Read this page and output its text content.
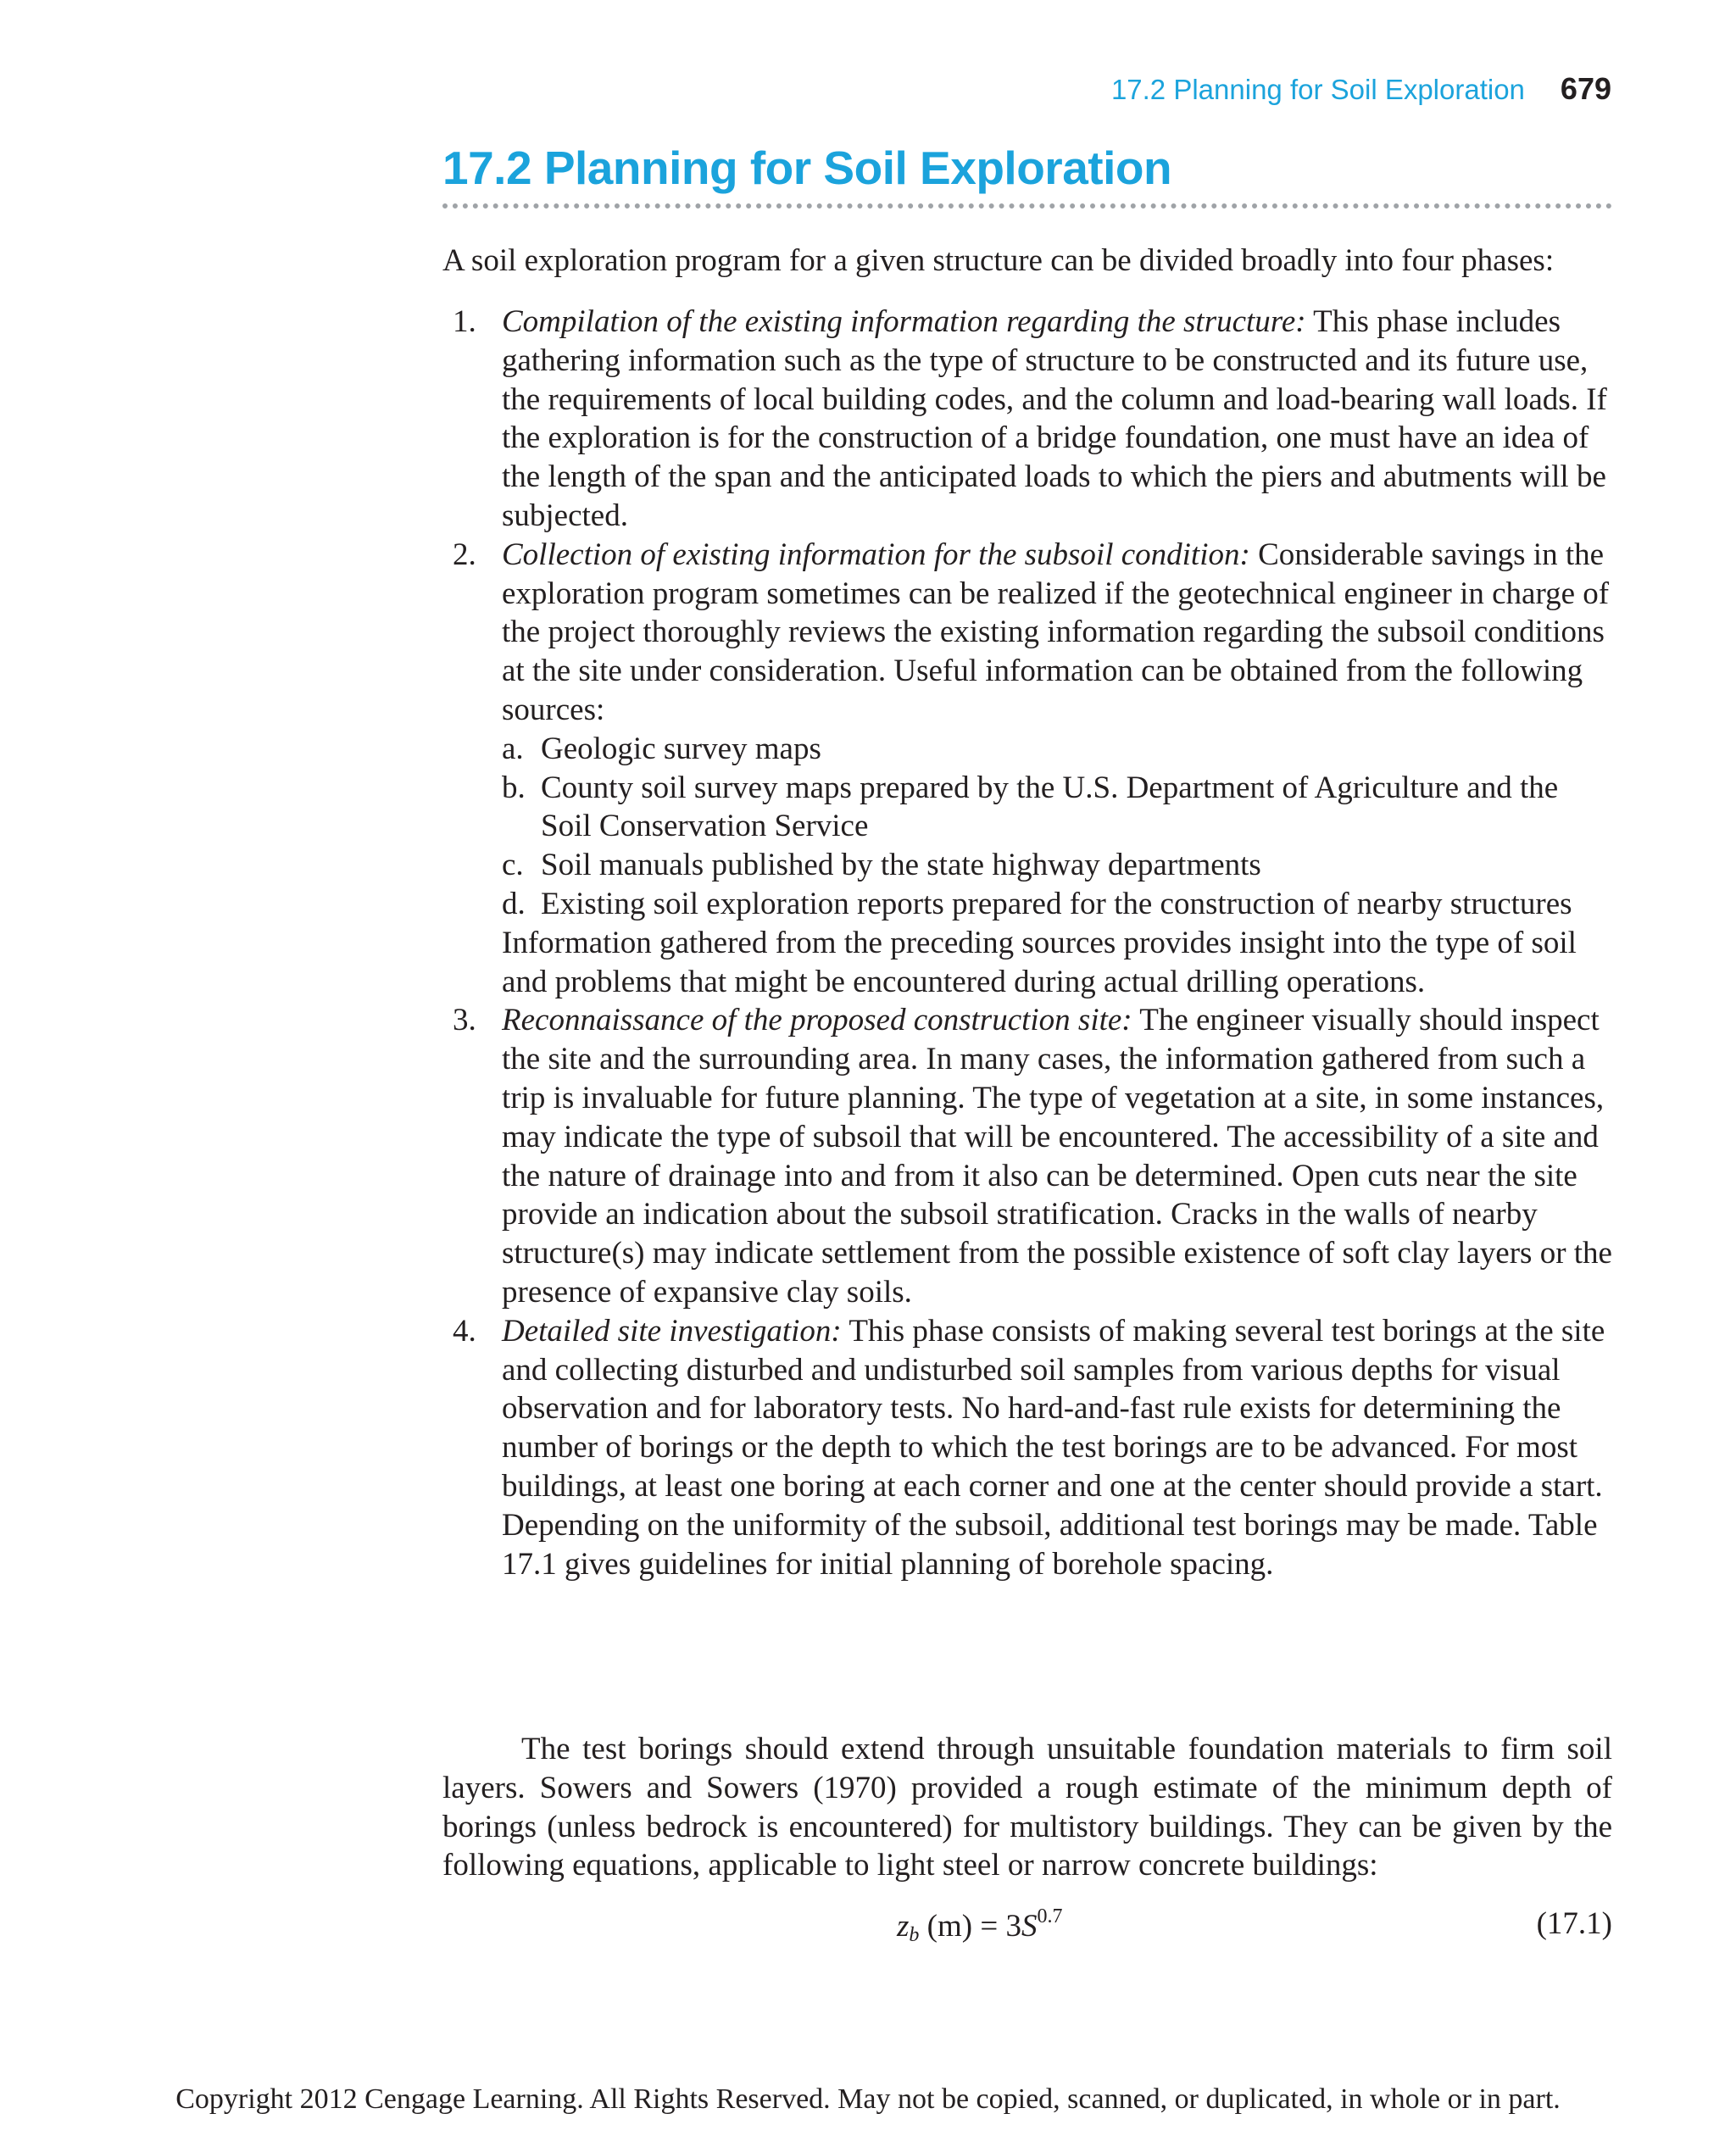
17.2 Planning for Soil Exploration 679
17.2 Planning for Soil Exploration

A soil exploration program for a given structure can be divided broadly into four phases:

1. Compilation of the existing information regarding the structure: This phase includes gathering information such as the type of structure to be constructed and its future use, the requirements of local building codes, and the column and load-bearing wall loads. If the exploration is for the construction of a bridge foundation, one must have an idea of the length of the span and the anticipated loads to which the piers and abutments will be subjected.
2. Collection of existing information for the subsoil condition: Considerable savings in the exploration program sometimes can be realized if the geotechnical engineer in charge of the project thoroughly reviews the existing information regarding the subsoil conditions at the site under consideration. Useful information can be obtained from the following sources:
a. Geologic survey maps
b. County soil survey maps prepared by the U.S. Department of Agriculture and the Soil Conservation Service
c. Soil manuals published by the state highway departments
d. Existing soil exploration reports prepared for the construction of nearby structures
Information gathered from the preceding sources provides insight into the type of soil and problems that might be encountered during actual drilling operations.
3. Reconnaissance of the proposed construction site: The engineer visually should inspect the site and the surrounding area. In many cases, the information gathered from such a trip is invaluable for future planning. The type of vegetation at a site, in some instances, may indicate the type of subsoil that will be encountered. The accessibility of a site and the nature of drainage into and from it also can be determined. Open cuts near the site provide an indication about the subsoil stratification. Cracks in the walls of nearby structure(s) may indicate settlement from the possible existence of soft clay layers or the presence of expansive clay soils.
4. Detailed site investigation: This phase consists of making several test borings at the site and collecting disturbed and undisturbed soil samples from various depths for visual observation and for laboratory tests. No hard-and-fast rule exists for determining the number of borings or the depth to which the test borings are to be advanced. For most buildings, at least one boring at each corner and one at the center should provide a start. Depending on the uniformity of the subsoil, additional test borings may be made. Table 17.1 gives guidelines for initial planning of borehole spacing.

The test borings should extend through unsuitable foundation materials to firm soil layers. Sowers and Sowers (1970) provided a rough estimate of the minimum depth of borings (unless bedrock is encountered) for multistory buildings. They can be given by the following equations, applicable to light steel or narrow concrete buildings:

$z_b$ $(m) = 3S^{0.7}$	(17.1)
Copyright 2012 Cengage Learning. All Rights Reserved. May not be copied, scanned, or duplicated, in whole or in part.
